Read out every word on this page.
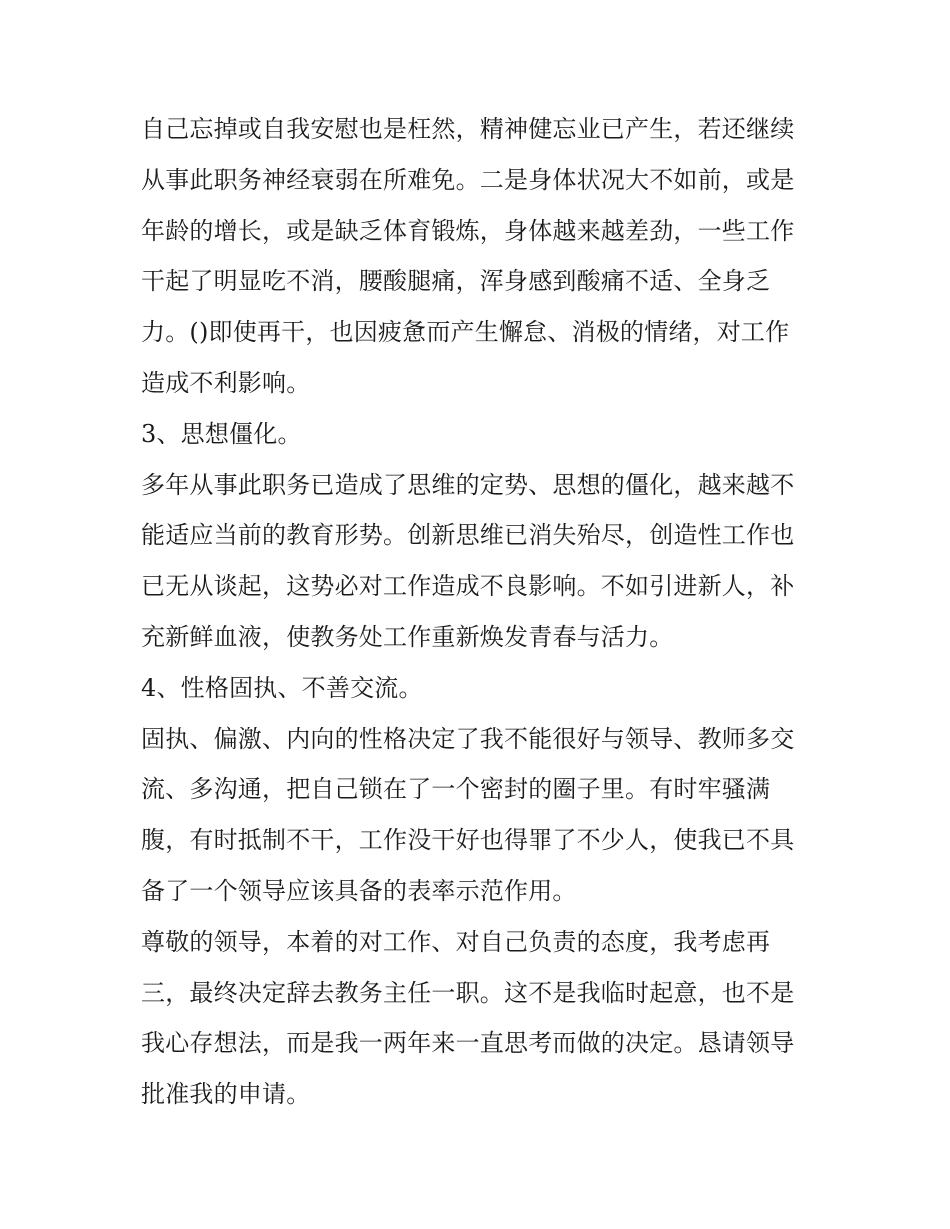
自己忘掉或自我安慰也是枉然，精神健忘业已产生，若还继续
从事此职务神经衰弱在所难免。二是身体状况大不如前，或是
年龄的增长，或是缺乏体育锻炼，身体越来越差劲，一些工作
干起了明显吃不消，腰酸腿痛，浑身感到酸痛不适、全身乏
力。()即使再干，也因疲惫而产生懈怠、消极的情绪，对工作
造成不利影响。
3、思想僵化。
多年从事此职务已造成了思维的定势、思想的僵化，越来越不
能适应当前的教育形势。创新思维已消失殆尽，创造性工作也
已无从谈起，这势必对工作造成不良影响。不如引进新人，补
充新鲜血液，使教务处工作重新焕发青春与活力。
4、性格固执、不善交流。
固执、偏激、内向的性格决定了我不能很好与领导、教师多交
流、多沟通，把自己锁在了一个密封的圈子里。有时牢骚满
腹，有时抵制不干，工作没干好也得罪了不少人，使我已不具
备了一个领导应该具备的表率示范作用。
尊敬的领导，本着的对工作、对自己负责的态度，我考虑再
三，最终决定辞去教务主任一职。这不是我临时起意，也不是
我心存想法，而是我一两年来一直思考而做的决定。恳请领导
批准我的申请。
